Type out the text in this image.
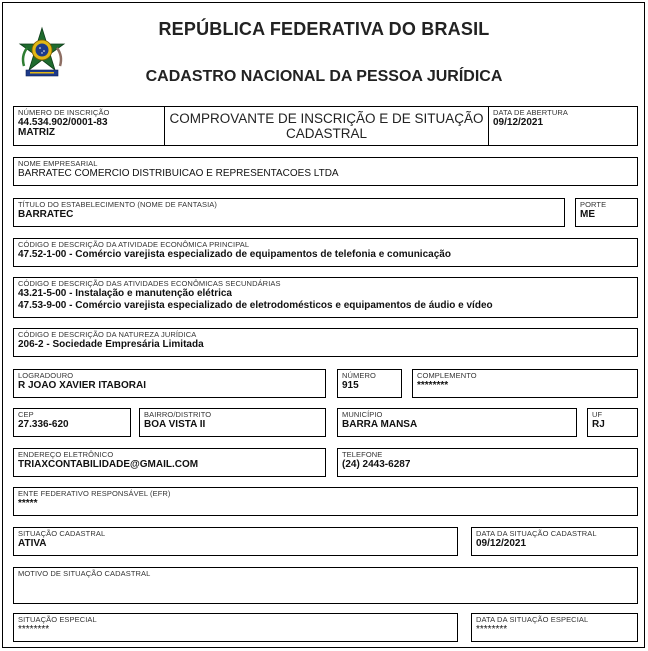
REPÚBLICA FEDERATIVA DO BRASIL
CADASTRO NACIONAL DA PESSOA JURÍDICA
NÚMERO DE INSCRIÇÃO
44.534.902/0001-83
MATRIZ
COMPROVANTE DE INSCRIÇÃO E DE SITUAÇÃO
CADASTRAL
DATA DE ABERTURA
09/12/2021
NOME EMPRESARIAL
BARRATEC COMERCIO DISTRIBUICAO E REPRESENTACOES LTDA
TÍTULO DO ESTABELECIMENTO (NOME DE FANTASIA)
BARRATEC
PORTE
ME
CÓDIGO E DESCRIÇÃO DA ATIVIDADE ECONÔMICA PRINCIPAL
47.52-1-00 - Comércio varejista especializado de equipamentos de telefonia e comunicação
CÓDIGO E DESCRIÇÃO DAS ATIVIDADES ECONÔMICAS SECUNDÁRIAS
43.21-5-00 - Instalação e manutenção elétrica
47.53-9-00 - Comércio varejista especializado de eletrodomésticos e equipamentos de áudio e vídeo
CÓDIGO E DESCRIÇÃO DA NATUREZA JURÍDICA
206-2 - Sociedade Empresária Limitada
LOGRADOURO
R JOAO XAVIER ITABORAI
NÚMERO
915
COMPLEMENTO
********
CEP
27.336-620
BAIRRO/DISTRITO
BOA VISTA II
MUNICÍPIO
BARRA MANSA
UF
RJ
ENDEREÇO ELETRÔNICO
TRIAXCONTABILIDADE@GMAIL.COM
TELEFONE
(24) 2443-6287
ENTE FEDERATIVO RESPONSÁVEL (EFR)
*****
SITUAÇÃO CADASTRAL
ATIVA
DATA DA SITUAÇÃO CADASTRAL
09/12/2021
MOTIVO DE SITUAÇÃO CADASTRAL
SITUAÇÃO ESPECIAL
********
DATA DA SITUAÇÃO ESPECIAL
********
